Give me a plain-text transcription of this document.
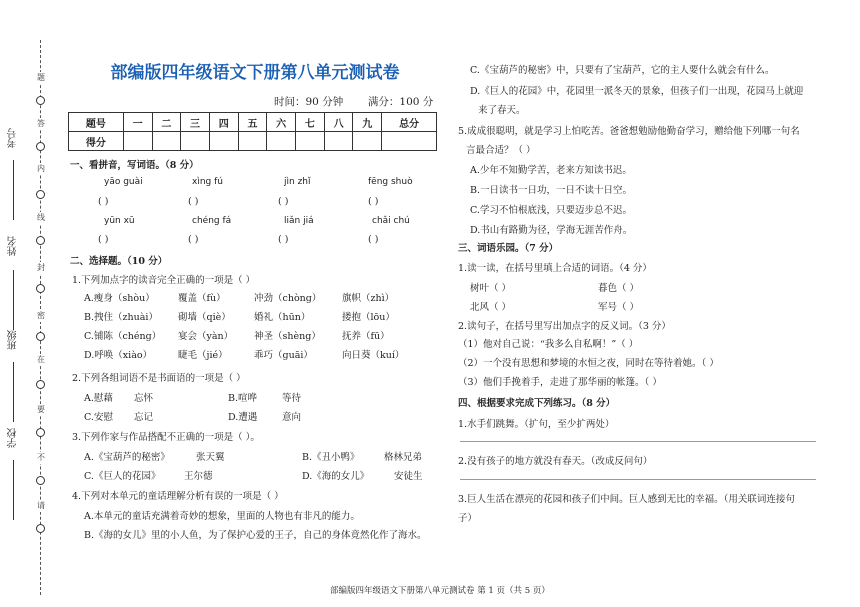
题
答
内
线
封
密
在
要
不
请
考号
姓名
班级
学校
部编版四年级语文下册第八单元测试卷
时间：90 分钟 满分：100 分
题号	一	二	三	四	五	六	七	八	九	总分
得分										
一、看拼音，写词语。（8 分）
yāo guài	xìng fú	jìn zhǐ	fēng shuò
( )	( )	( )	( )
yūn xū	chéng fá	liǎn jiá	chǎi chú
( )	( )	( )	( )
二、选择题。（10 分）
1.下列加点字的读音完全正确的一项是（ ）
A.瘦身（shòu） 覆盖（fù）	冲劲（chòng） 旗帜（zhì）
B.拽住（zhuài） 砌墙（qiè） 婚礼（hūn）	搂抱（lōu）
C.铺陈（chéng） 宴会（yàn） 神圣（shèng） 抚养（fū）
D.呼唤（xiào）	睫毛（jié）	乖巧（guāi）	向日葵（kuí）
2.下列各组词语不是书面语的一项是（ ）
A.慰藉 忘怀	B.喧哗	等待
C.安慰 忘记	D.遭遇	意向
3.下列作家与作品搭配不正确的一项是（ ）。
A.《宝葫芦的秘密》	张天翼	B.《丑小鸭》	格林兄弟
C.《巨人的花园》 王尔德	D.《海的女儿》	安徒生
4.下列对本单元的童话理解分析有误的一项是（ ）
A.本单元的童话充满着奇妙的想象，里面的人物也有非凡的能力。
B.《海的女儿》里的小人鱼，为了保护心爱的王子，自己的身体竟然化作了海水。
C.《宝葫芦的秘密》中，只要有了宝葫芦，它的主人要什么就会有什么。
D.《巨人的花园》中，花园里一派冬天的景象，但孩子们一出现，花园马上就迎
来了春天。
5.成成很聪明，就是学习上怕吃苦。爸爸想勉励他勤奋学习，赠给他下列哪一句名
言最合适？（ ）
A.少年不知勤学苦，老来方知读书迟。
B.一日读书一日功，一日不读十日空。
C.学习不怕根底浅，只要迈步总不迟。
D.书山有路勤为径，学海无涯苦作舟。
三、词语乐园。（7 分）
1.读一读，在括号里填上合适的词语。（4 分）
树叶（ ）	暮色（ ）
北风（ ）	军号（ ）
2.读句子，在括号里写出加点字的反义词。（3 分）
（1）他对自己说：“我多么自私啊！”（ ）
（2）一个没有思想和梦境的水恒之夜，同时在等待着她。（ ）
（3）他们手挽着手，走进了那华丽的帐篷。（ ）
四、根据要求完成下列练习。（8 分）
1.水手们跳舞。（扩句，至少扩两处）
2.没有孩子的地方就没有春天。（改成反问句）
3.巨人生活在漂亮的花园和孩子们中间。巨人感到无比的幸福。（用关联词连接句
子）
部编版四年级语文下册第八单元测试卷 第 1 页（共 5 页）
